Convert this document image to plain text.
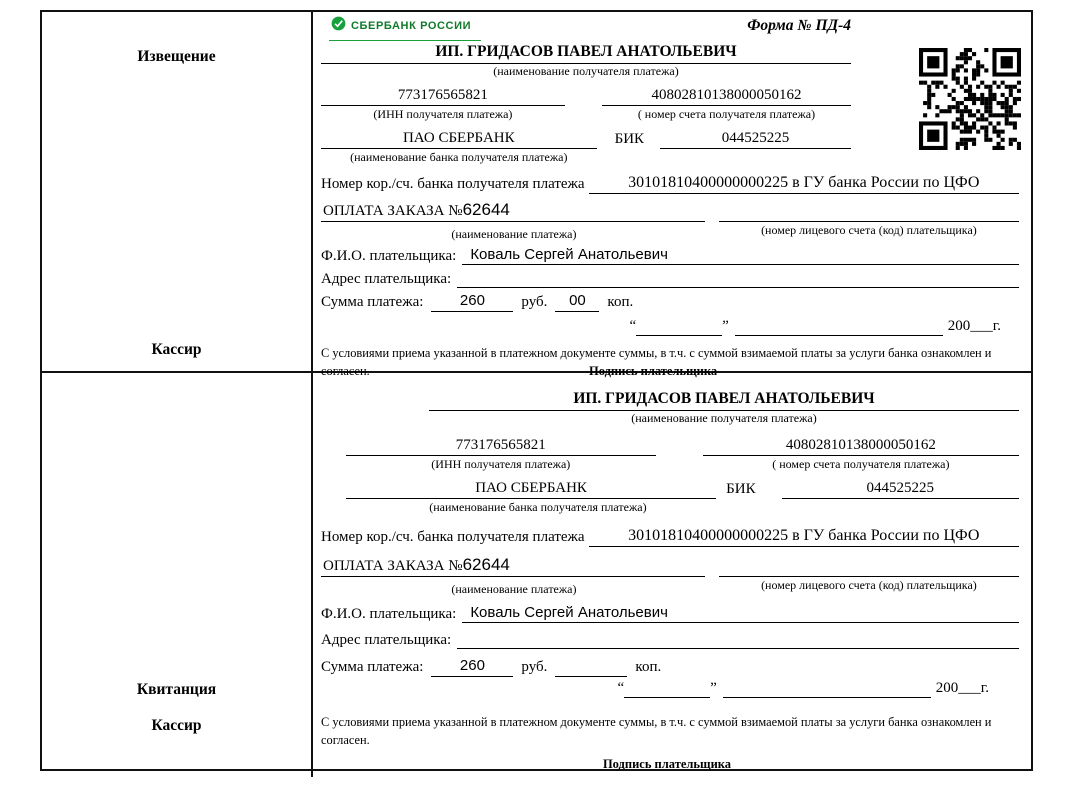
Извещение
Кассир
СБЕРБАНК РОССИИ	Форма № ПД-4
ИП. ГРИДАСОВ ПАВЕЛ АНАТОЛЬЕВИЧ
(наименование получателя платежа)
773176565821	40802810138000050162
(ИНН получателя платежа)	( номер счета получателя платежа)
ПАО СБЕРБАНК	БИК	044525225
(наименование банка получателя платежа)
Номер кор./сч. банка получателя платежа	30101810400000000225 в ГУ банка России по ЦФО
ОПЛАТА ЗАКАЗА №62644
(наименование платежа)	(номер лицевого счета (код) плательщика)
Ф.И.О. плательщика: Коваль Сергей Анатольевич
Адрес плательщика:
Сумма платежа:	260	руб.	00	коп.
“	”	200___г.
С условиями приема указанной в платежном документе суммы, в т.ч. с суммой взимаемой платы за услуги банка ознакомлен и согласен.	Подпись плательщика
Квитанция
Кассир
ИП. ГРИДАСОВ ПАВЕЛ АНАТОЛЬЕВИЧ
(наименование получателя платежа)
773176565821	40802810138000050162
(ИНН получателя платежа)	( номер счета получателя платежа)
ПАО СБЕРБАНК	БИК	044525225
(наименование банка получателя платежа)
Номер кор./сч. банка получателя платежа	30101810400000000225 в ГУ банка России по ЦФО
ОПЛАТА ЗАКАЗА №62644
(наименование платежа)	(номер лицевого счета (код) плательщика)
Ф.И.О. плательщика: Коваль Сергей Анатольевич
Адрес плательщика:
Сумма платежа:	260	руб.	коп.
“	”	200___г.
С условиями приема указанной в платежном документе суммы, в т.ч. с суммой взимаемой платы за услуги банка ознакомлен и согласен.
Подпись плательщика
